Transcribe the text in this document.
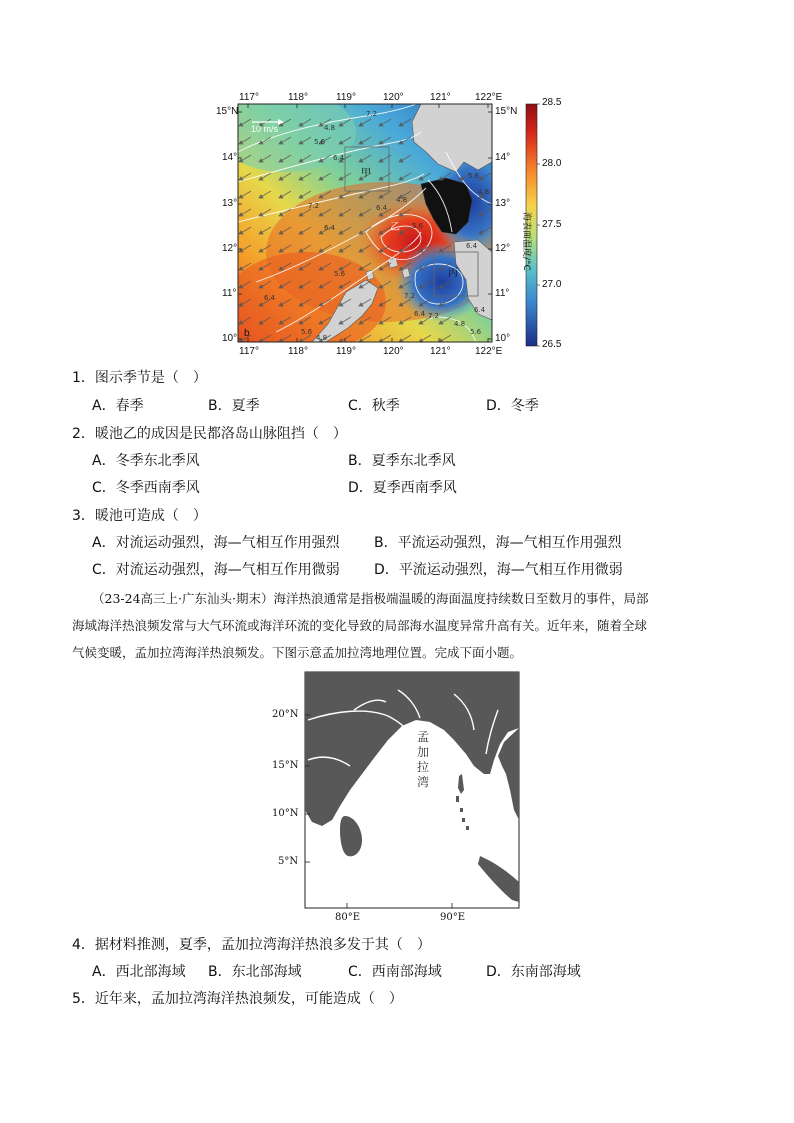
117°	118°	119°	120°	121° 122°E
117°	118°	119°	120°	121° 122°E
15°N
14°
13°
12°
11°
10°
15°N
14°
13°
12°
11°
10°
10 m/s
b
甲
乙
丙
7.2
4.8
5.6
6.4
7.2
6.4
5.6
6.4
5.6
4.8
6.4
7.2
6.4
4.8
5.6
6.4
4.8
5.6
6.4
7.2
4.8
5.6
28.5
28.0
27.5
27.0
26.5
海表面温度/°C
1．图示季节是（　）
A．春季	B．夏季	C．秋季	D．冬季
2．暖池乙的成因是民都洛岛山脉阻挡（　）
A．冬季东北季风	B．夏季东北季风
C．冬季西南季风	D．夏季西南季风
3．暖池可造成（　）
A．对流运动强烈，海—气相互作用强烈 B．平流运动强烈，海—气相互作用强烈
C．对流运动强烈，海—气相互作用微弱 D．平流运动强烈，海—气相互作用微弱
（23-24高三上·广东汕头·期末）海洋热浪通常是指极端温暖的海面温度持续数日至数月的事件，局部
海域海洋热浪频发常与大气环流或海洋环流的变化导致的局部海水温度异常升高有关。近年来，随着全球
气候变暖，孟加拉湾海洋热浪频发。下图示意孟加拉湾地理位置。完成下面小题。
20°N
15°N
10°N
5°N
80°E	90°E
孟
加
拉
湾
4．据材料推测，夏季，孟加拉湾海洋热浪多发于其（　）
A．西北部海域 B．东北部海域	C．西南部海域	D．东南部海域
5．近年来，孟加拉湾海洋热浪频发，可能造成（　）
